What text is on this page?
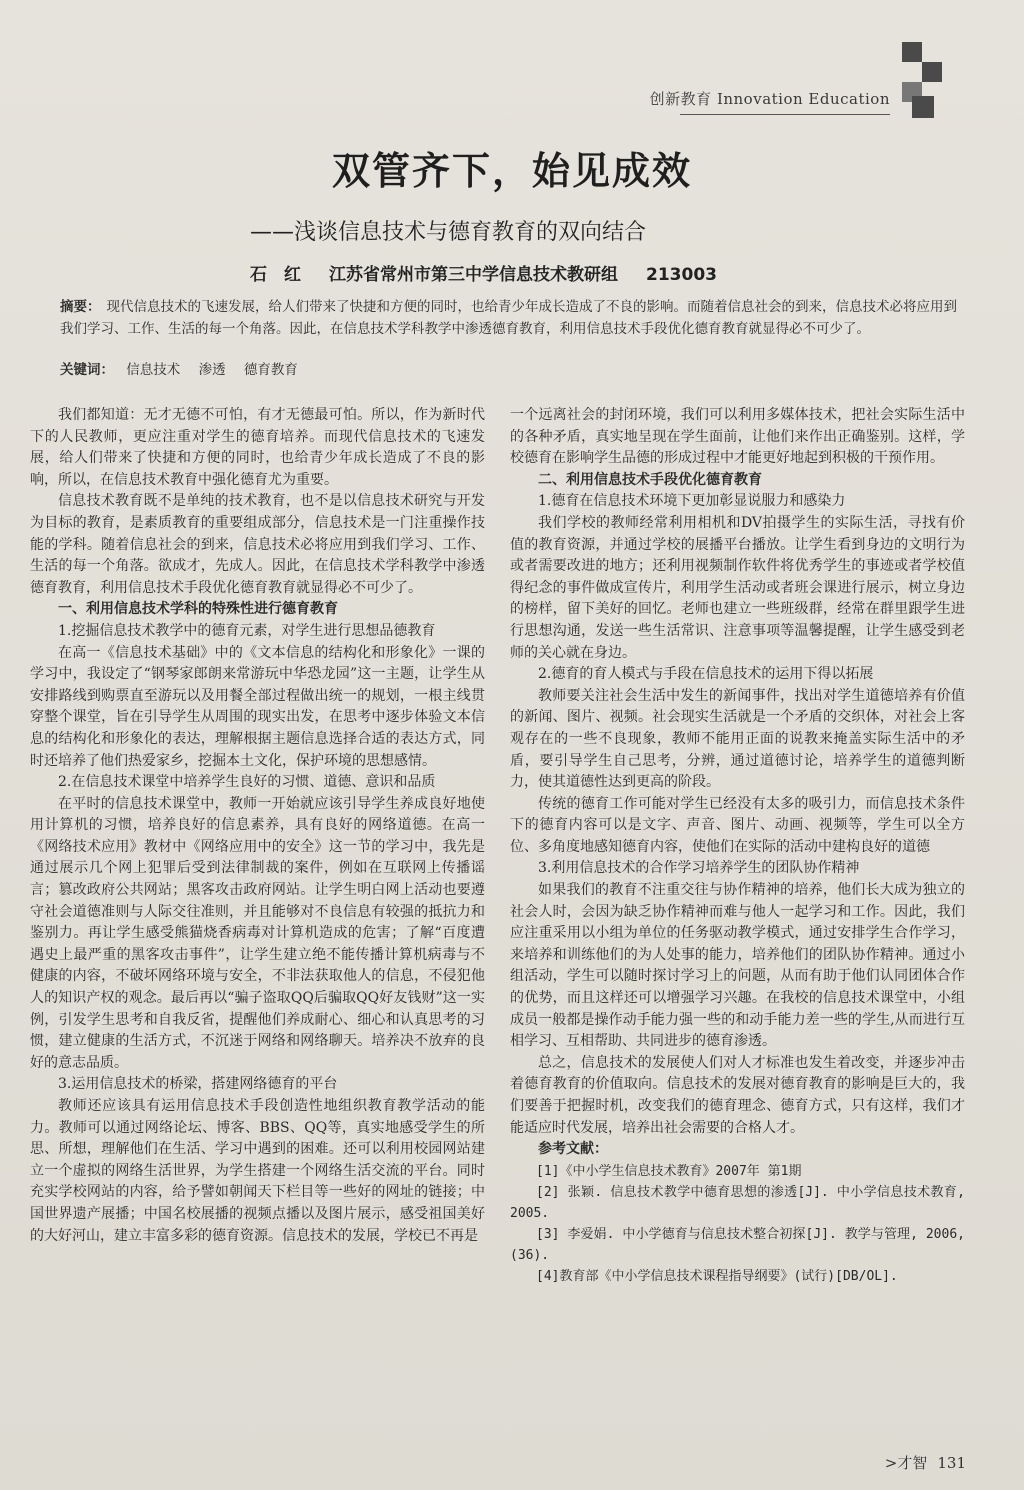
创新教育 Innovation Education
双管齐下，始见成效
——浅谈信息技术与德育教育的双向结合
石　红 江苏省常州市第三中学信息技术教研组 213003
摘要： 现代信息技术的飞速发展，给人们带来了快捷和方便的同时，也给青少年成长造成了不良的影响。而随着信息社会的到来，信息技术必将应用到我们学习、工作、生活的每一个角落。因此，在信息技术学科教学中渗透德育教育，利用信息技术手段优化德育教育就显得必不可少了。
关键词： 信息技术 渗透 德育教育

我们都知道：无才无德不可怕，有才无德最可怕。所以，作为新时代下的人民教师，更应注重对学生的德育培养。而现代信息技术的飞速发展，给人们带来了快捷和方便的同时，也给青少年成长造成了不良的影响，所以，在信息技术教育中强化德育尤为重要。

信息技术教育既不是单纯的技术教育，也不是以信息技术研究与开发为目标的教育，是素质教育的重要组成部分，信息技术是一门注重操作技能的学科。随着信息社会的到来，信息技术必将应用到我们学习、工作、生活的每一个角落。欲成才，先成人。因此，在信息技术学科教学中渗透德育教育，利用信息技术手段优化德育教育就显得必不可少了。

一、利用信息技术学科的特殊性进行德育教育

1.挖掘信息技术教学中的德育元素，对学生进行思想品德教育

在高一《信息技术基础》中的《文本信息的结构化和形象化》一课的学习中，我设定了“钢琴家郎朗来常游玩中华恐龙园”这一主题，让学生从安排路线到购票直至游玩以及用餐全部过程做出统一的规划，一根主线贯穿整个课堂，旨在引导学生从周围的现实出发，在思考中逐步体验文本信息的结构化和形象化的表达，理解根据主题信息选择合适的表达方式，同时还培养了他们热爱家乡，挖掘本土文化，保护环境的思想感情。

2.在信息技术课堂中培养学生良好的习惯、道德、意识和品质

在平时的信息技术课堂中，教师一开始就应该引导学生养成良好地使用计算机的习惯，培养良好的信息素养，具有良好的网络道德。在高一《网络技术应用》教材中《网络应用中的安全》这一节的学习中，我先是通过展示几个网上犯罪后受到法律制裁的案件，例如在互联网上传播谣言；篡改政府公共网站；黑客攻击政府网站。让学生明白网上活动也要遵守社会道德准则与人际交往准则，并且能够对不良信息有较强的抵抗力和鉴别力。再让学生感受熊猫烧香病毒对计算机造成的危害；了解“百度遭遇史上最严重的黑客攻击事件”，让学生建立绝不能传播计算机病毒与不健康的内容，不破坏网络环境与安全，不非法获取他人的信息，不侵犯他人的知识产权的观念。最后再以“骗子盗取QQ后骗取QQ好友钱财”这一实例，引发学生思考和自我反省，提醒他们养成耐心、细心和认真思考的习惯，建立健康的生活方式，不沉迷于网络和网络聊天。培养决不放弃的良好的意志品质。

3.运用信息技术的桥梁，搭建网络德育的平台

教师还应该具有运用信息技术手段创造性地组织教育教学活动的能力。教师可以通过网络论坛、博客、BBS、QQ等，真实地感受学生的所思、所想，理解他们在生活、学习中遇到的困难。还可以利用校园网站建立一个虚拟的网络生活世界，为学生搭建一个网络生活交流的平台。同时充实学校网站的内容，给予譬如朝闻天下栏目等一些好的网址的链接；中国世界遗产展播；中国名校展播的视频点播以及图片展示，感受祖国美好的大好河山，建立丰富多彩的德育资源。信息技术的发展，学校已不再是

一个远离社会的封闭环境，我们可以利用多媒体技术，把社会实际生活中的各种矛盾，真实地呈现在学生面前，让他们来作出正确鉴别。这样，学校德育在影响学生品德的形成过程中才能更好地起到积极的干预作用。

二、利用信息技术手段优化德育教育

1.德育在信息技术环境下更加彰显说服力和感染力

我们学校的教师经常利用相机和DV拍摄学生的实际生活，寻找有价值的教育资源，并通过学校的展播平台播放。让学生看到身边的文明行为或者需要改进的地方；还利用视频制作软件将优秀学生的事迹或者学校值得纪念的事件做成宣传片，利用学生活动或者班会课进行展示，树立身边的榜样，留下美好的回忆。老师也建立一些班级群，经常在群里跟学生进行思想沟通，发送一些生活常识、注意事项等温馨提醒，让学生感受到老师的关心就在身边。

2.德育的育人模式与手段在信息技术的运用下得以拓展

教师要关注社会生活中发生的新闻事件，找出对学生道德培养有价值的新闻、图片、视频。社会现实生活就是一个矛盾的交织体，对社会上客观存在的一些不良现象，教师不能用正面的说教来掩盖实际生活中的矛盾，要引导学生自己思考，分辨，通过道德讨论，培养学生的道德判断力，使其道德性达到更高的阶段。

传统的德育工作可能对学生已经没有太多的吸引力，而信息技术条件下的德育内容可以是文字、声音、图片、动画、视频等，学生可以全方位、多角度地感知德育内容，使他们在实际的活动中建构良好的道德

3.利用信息技术的合作学习培养学生的团队协作精神

如果我们的教育不注重交往与协作精神的培养，他们长大成为独立的社会人时，会因为缺乏协作精神而难与他人一起学习和工作。因此，我们应注重采用以小组为单位的任务驱动教学模式，通过安排学生合作学习，来培养和训练他们的为人处事的能力，培养他们的团队协作精神。通过小组活动，学生可以随时探讨学习上的问题，从而有助于他们认同团体合作的优势，而且这样还可以增强学习兴趣。在我校的信息技术课堂中，小组成员一般都是操作动手能力强一些的和动手能力差一些的学生,从而进行互相学习、互相帮助、共同进步的德育渗透。

总之，信息技术的发展使人们对人才标准也发生着改变，并逐步冲击着德育教育的价值取向。信息技术的发展对德育教育的影响是巨大的，我们要善于把握时机，改变我们的德育理念、德育方式，只有这样，我们才能适应时代发展，培养出社会需要的合格人才。

参考文献：

[1]《中小学生信息技术教育》2007年 第1期

[2] 张颖. 信息技术教学中德育思想的渗透[J]. 中小学信息技术教育, 2005.

[3] 李爱娟. 中小学德育与信息技术整合初探[J]. 教学与管理, 2006, (36).

[4]教育部《中小学信息技术课程指导纲要》(试行)[DB/OL].

>才智 131
